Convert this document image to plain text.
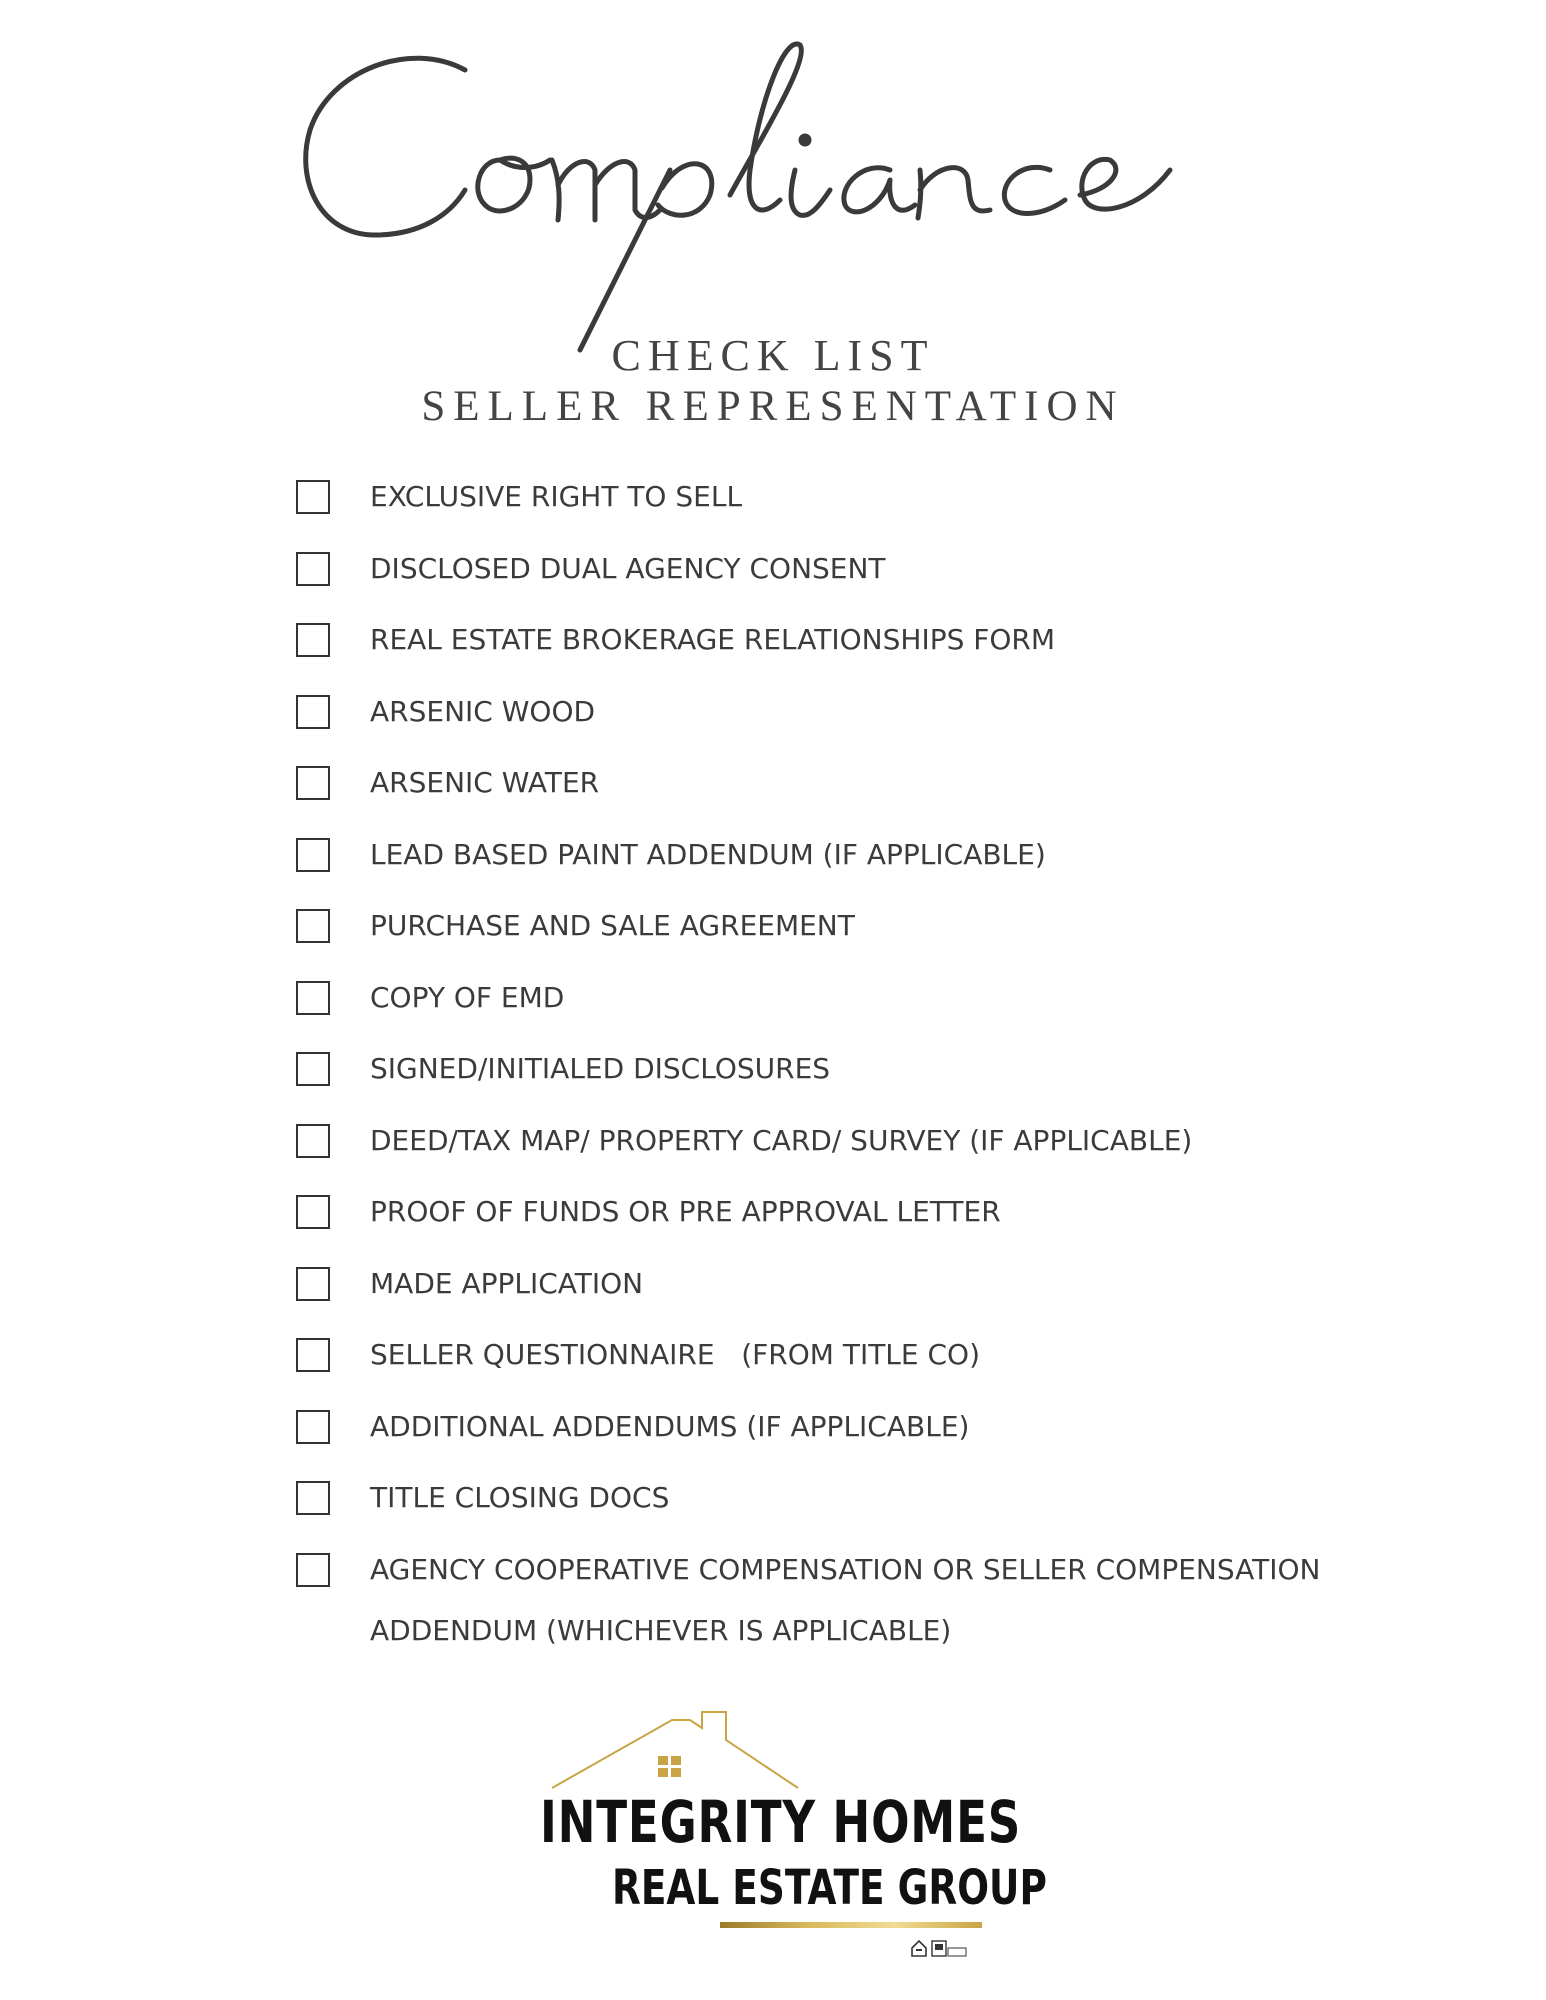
CHECK LIST
SELLER REPRESENTATION
EXCLUSIVE RIGHT TO SELL
DISCLOSED DUAL AGENCY CONSENT
REAL ESTATE BROKERAGE RELATIONSHIPS FORM
ARSENIC WOOD
ARSENIC WATER
LEAD BASED PAINT ADDENDUM (IF APPLICABLE)
PURCHASE AND SALE AGREEMENT
COPY OF EMD
SIGNED/INITIALED DISCLOSURES
DEED/TAX MAP/ PROPERTY CARD/ SURVEY (IF APPLICABLE)
PROOF OF FUNDS OR PRE APPROVAL LETTER
MADE APPLICATION
SELLER QUESTIONNAIRE   (FROM TITLE CO)
ADDITIONAL ADDENDUMS (IF APPLICABLE)
TITLE CLOSING DOCS
AGENCY COOPERATIVE COMPENSATION OR SELLER COMPENSATION
ADDENDUM (WHICHEVER IS APPLICABLE)
INTEGRITY HOMES
REAL ESTATE GROUP
